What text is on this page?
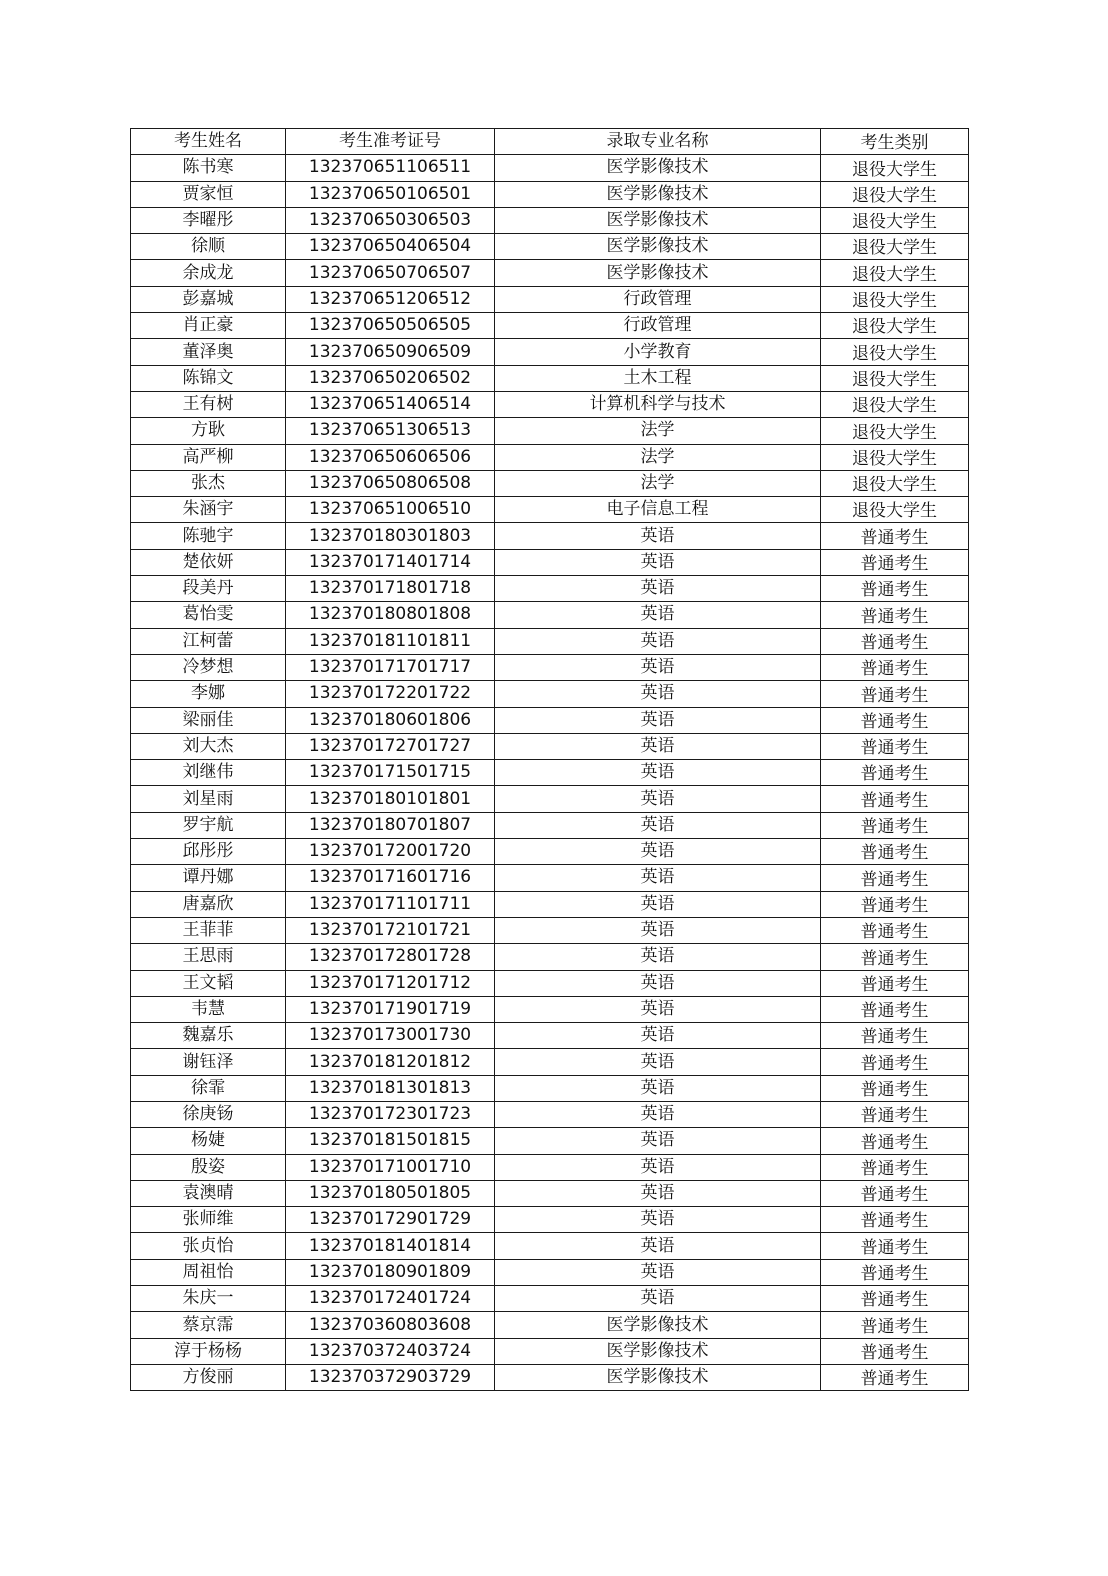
考生姓名	考生准考证号	录取专业名称	考生类别
陈书寒	132370651106511	医学影像技术	退役大学生
贾家恒	132370650106501	医学影像技术	退役大学生
李曜彤	132370650306503	医学影像技术	退役大学生
徐顺	132370650406504	医学影像技术	退役大学生
余成龙	132370650706507	医学影像技术	退役大学生
彭嘉城	132370651206512	行政管理	退役大学生
肖正豪	132370650506505	行政管理	退役大学生
董泽奥	132370650906509	小学教育	退役大学生
陈锦文	132370650206502	土木工程	退役大学生
王有树	132370651406514	计算机科学与技术	退役大学生
方耿	132370651306513	法学	退役大学生
高严柳	132370650606506	法学	退役大学生
张杰	132370650806508	法学	退役大学生
朱涵宇	132370651006510	电子信息工程	退役大学生
陈驰宇	132370180301803	英语	普通考生
楚依妍	132370171401714	英语	普通考生
段美丹	132370171801718	英语	普通考生
葛怡雯	132370180801808	英语	普通考生
江柯蕾	132370181101811	英语	普通考生
冷梦想	132370171701717	英语	普通考生
李娜	132370172201722	英语	普通考生
梁丽佳	132370180601806	英语	普通考生
刘大杰	132370172701727	英语	普通考生
刘继伟	132370171501715	英语	普通考生
刘星雨	132370180101801	英语	普通考生
罗宇航	132370180701807	英语	普通考生
邱彤彤	132370172001720	英语	普通考生
谭丹娜	132370171601716	英语	普通考生
唐嘉欣	132370171101711	英语	普通考生
王菲菲	132370172101721	英语	普通考生
王思雨	132370172801728	英语	普通考生
王文韬	132370171201712	英语	普通考生
韦慧	132370171901719	英语	普通考生
魏嘉乐	132370173001730	英语	普通考生
谢钰泽	132370181201812	英语	普通考生
徐霏	132370181301813	英语	普通考生
徐庚钖	132370172301723	英语	普通考生
杨婕	132370181501815	英语	普通考生
殷姿	132370171001710	英语	普通考生
袁澳晴	132370180501805	英语	普通考生
张师维	132370172901729	英语	普通考生
张贞怡	132370181401814	英语	普通考生
周祖怡	132370180901809	英语	普通考生
朱庆一	132370172401724	英语	普通考生
蔡京霈	132370360803608	医学影像技术	普通考生
淳于杨杨	132370372403724	医学影像技术	普通考生
方俊丽	132370372903729	医学影像技术	普通考生
